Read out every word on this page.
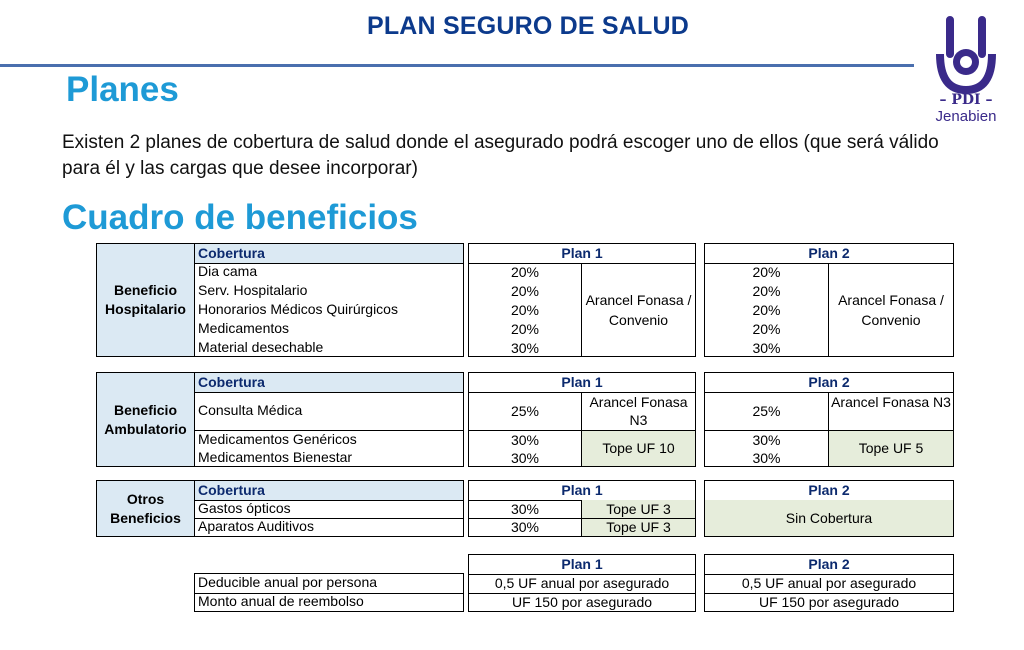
PLAN SEGURO DE SALUD
– PDI –
Jenabien
Planes
Existen 2 planes de cobertura de salud donde el asegurado podrá escoger uno de ellos (que será válido para él y las cargas que desee incorporar)
Cuadro de beneficios
Beneficio Hospitalario
Cobertura
Dia cama
Serv. Hospitalario
Honorarios Médicos Quirúrgicos
Medicamentos
Material desechable
Plan 1
20%
20%
20%
20%
30%
Arancel Fonasa / Convenio
Plan 2
20%
20%
20%
20%
30%
Arancel Fonasa / Convenio
Beneficio Ambulatorio
Cobertura
Consulta Médica
Medicamentos Genéricos
Medicamentos Bienestar
Plan 1
25%
Arancel Fonasa N3
30%
30%
Tope UF 10
Plan 2
25%
Arancel Fonasa N3
30%
30%
Tope UF 5
Otros Beneficios
Cobertura
Gastos ópticos
Aparatos Auditivos
Plan 1
30%	Tope UF 3
30%	Tope UF 3
Plan 2
Sin Cobertura
Deducible anual por persona
Monto anual de reembolso
Plan 1
0,5 UF anual por asegurado
UF 150 por asegurado
Plan 2
0,5 UF anual por asegurado
UF 150 por asegurado
